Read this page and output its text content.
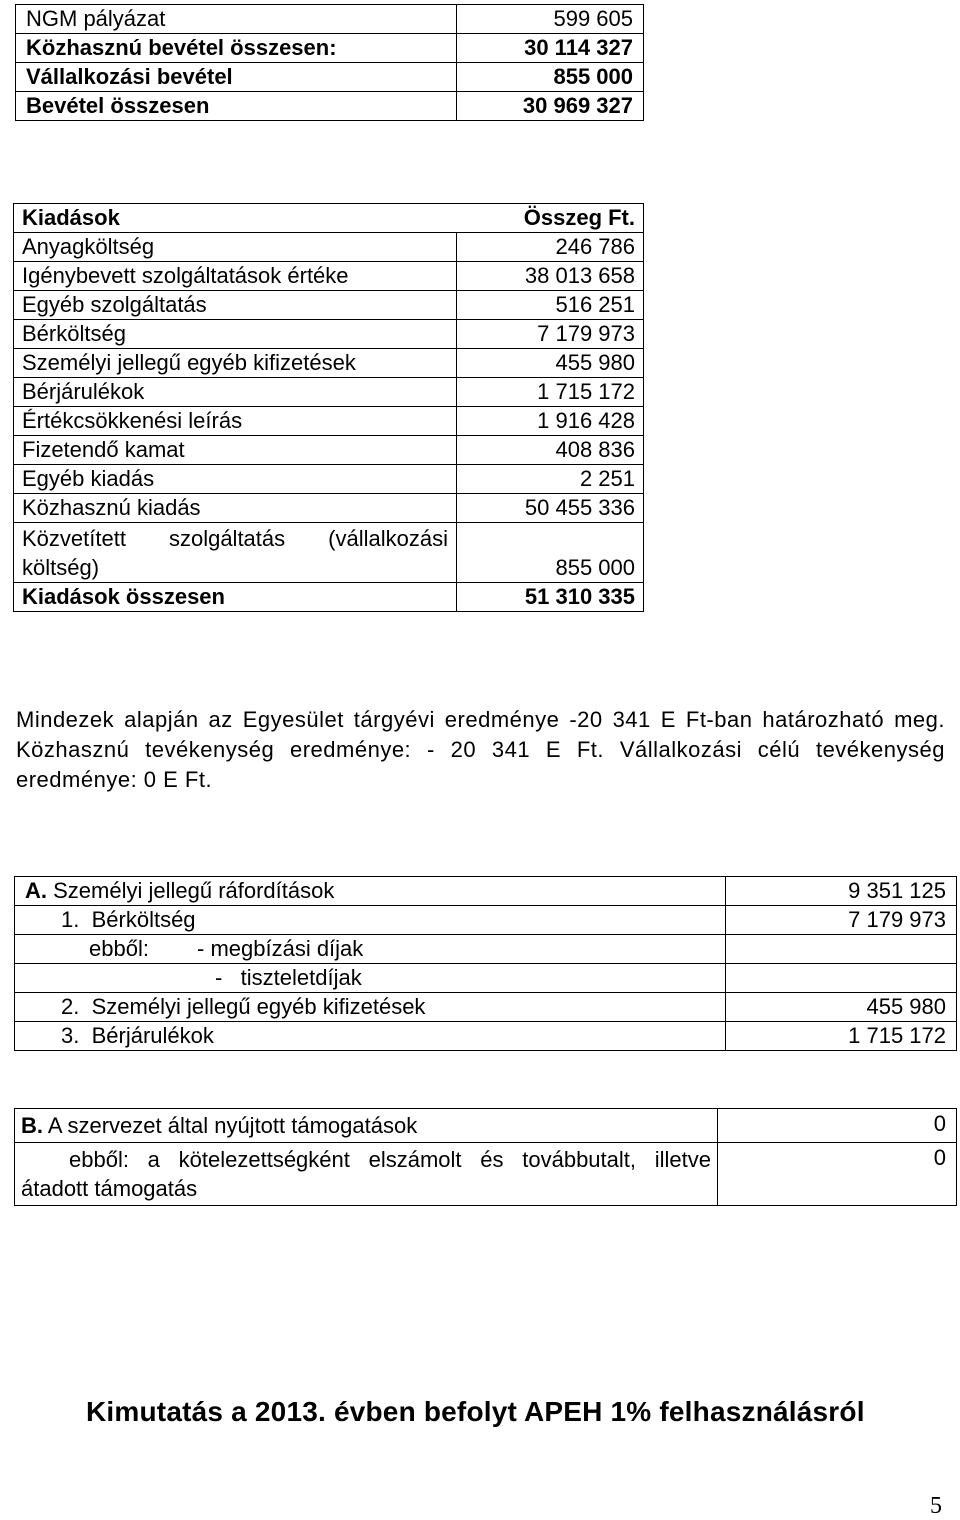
NGM pályázat	599 605
Közhasznú bevétel összesen:	30 114 327
Vállalkozási bevétel	855 000
Bevétel összesen	30 969 327
Kiadások	Összeg Ft.
Anyagköltség	246 786
Igénybevett szolgáltatások értéke	38 013 658
Egyéb szolgáltatás	516 251
Bérköltség	7 179 973
Személyi jellegű egyéb kifizetések	455 980
Bérjárulékok	1 715 172
Értékcsökkenési leírás	1 916 428
Fizetendő kamat	408 836
Egyéb kiadás	2 251
Közhasznú kiadás	50 455 336

Közvetített szolgáltatás (vállalkozási
költség)	855 000
Kiadások összesen	51 310 335
Mindezek alapján az Egyesület tárgyévi eredménye -20 341 E Ft-ban határozható meg. Közhasznú tevékenység eredménye: - 20 341 E Ft. Vállalkozási célú tevékenység eredménye: 0 E Ft.
A. Személyi jellegű ráfordítások	9 351 125
1. Bérköltség	7 179 973
ebből: - megbízási díjak	
-   tiszteletdíjak	
2. Személyi jellegű egyéb kifizetések	455 980
3. Bérjárulékok	1 715 172
B. A szervezet által nyújtott támogatások	0

ebből: a kötelezettségként elszámolt és továbbutalt, illetve
átadott támogatás	0
Kimutatás a 2013. évben befolyt APEH 1% felhasználásról
5
